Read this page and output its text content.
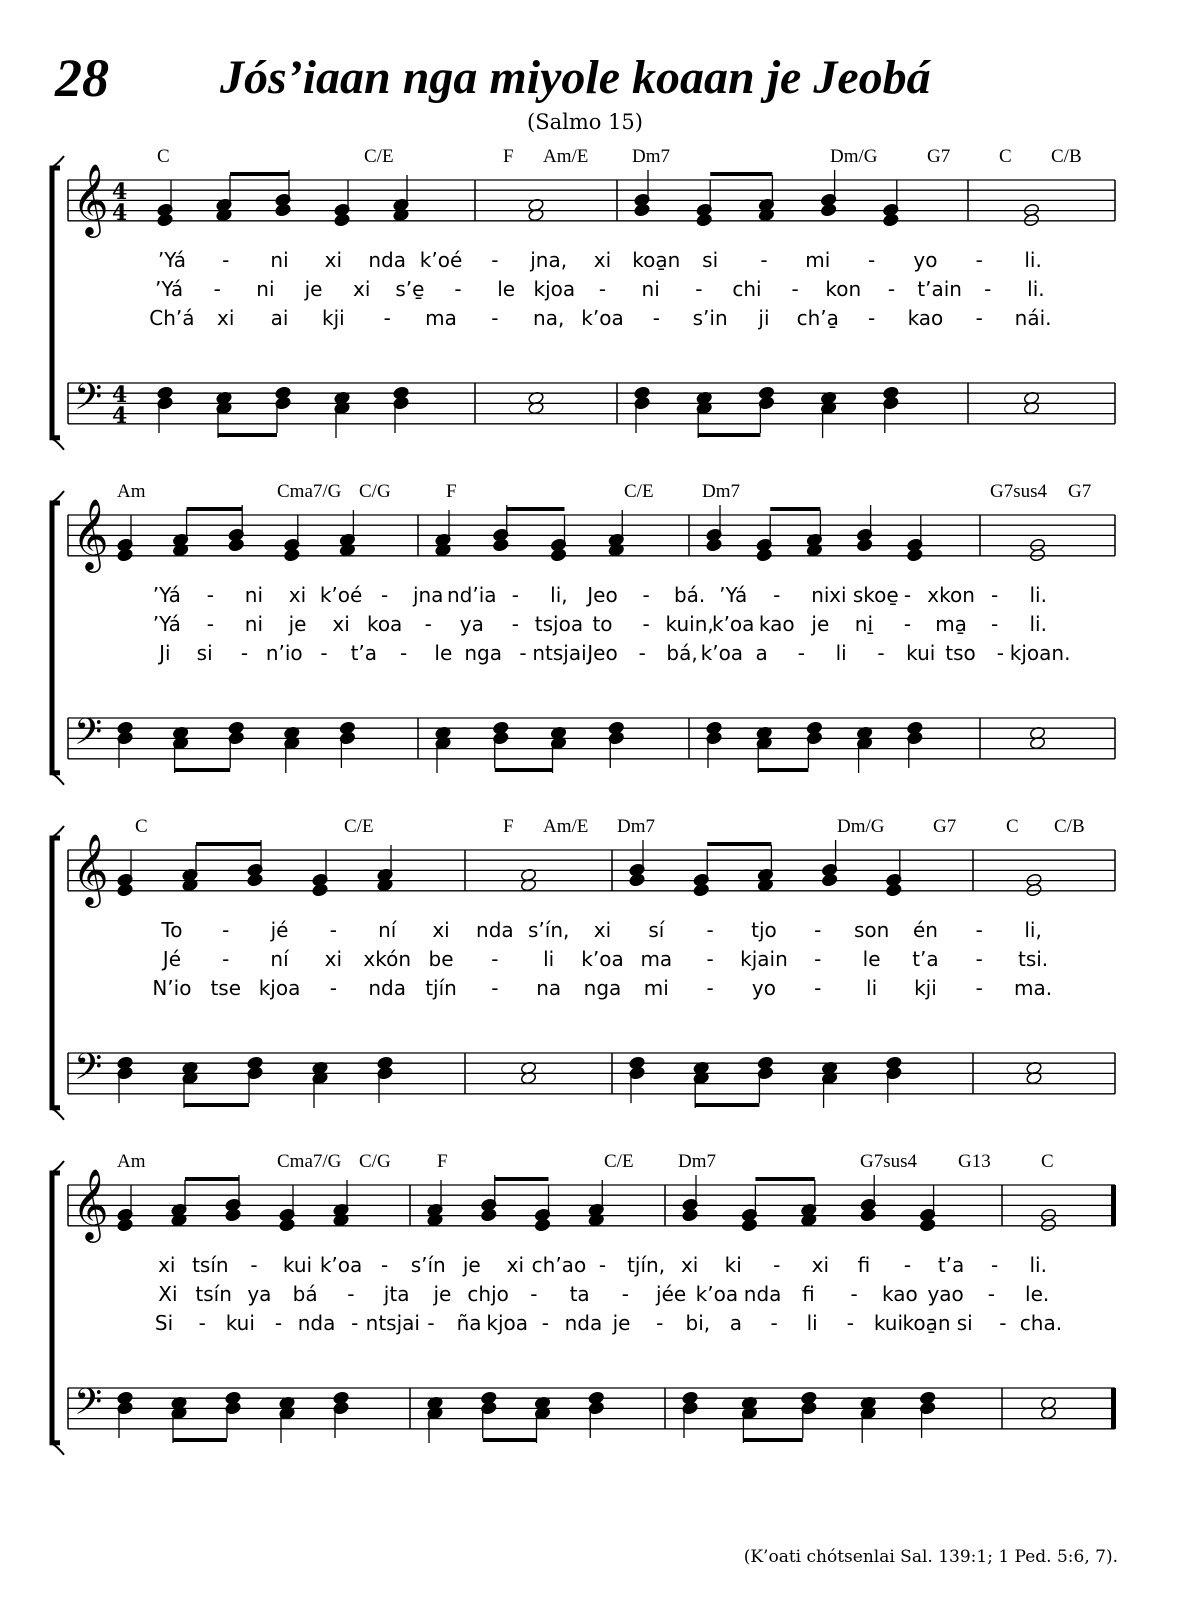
28	Jós’iaan nga miyole koaan je Jeobá
(Salmo 15)
C	C/E	F Am/E Dm7	Dm/G	G7	C C/B
𝄞
𝄢
4
4
4
4
’Yá - ni xi nda k’oé - jna, xi koa̱n si - mi - yo - li.
’Yá - ni je xi s’e̱ - le kjoa - ni - chi - kon - t’ain - li.
Ch’á xi ai kji - ma - na, k’oa - s’in ji ch’a̱ - kao - nái.
Am	Cma7/G C/G	F	C/E	Dm7	G7sus4 G7
𝄞
𝄢
’Yá - ni xi k’oé - jna nd’ia - li, Jeo - bá. ’Yá - ni xi skoe̱ - xkon - li.
’Yá - ni je xi koa - ya - tsjoa to - kuin,
k’oa kao je ni̱ - ma̱ - li.
Ji si - n’io - t’a - le nga - ntsjai,
Jeo - bá, k’oa a - li - kui tso - kjoan.
C	C/E	F Am/E Dm7	Dm/G	G7	C C/B
𝄞
𝄢
To - jé - ní xi nda s’ín, xi sí - tjo - son én - li,
Jé - ní xi xkón be - li k’oa ma - kjain - le t’a - tsi.
N’io tse kjoa - nda tjín - na nga mi - yo - li kji - ma.
Am	Cma7/G C/G F	C/E Dm7	G7sus4 G13	C
𝄞
𝄢
xi tsín - kui k’oa - s’ín je xi ch’ao - tjín, xi ki - xi fi - t’a - li.
Xi tsín ya bá - jta je chjo - ta - jée k’oa nda fi - kao yao - le.
Si - kui - nda - ntsjai - ña kjoa - nda je - bi, a - li - kui koa̱n si - cha.
(K’oati chótsenlai Sal. 139:1; 1 Ped. 5:6, 7).
